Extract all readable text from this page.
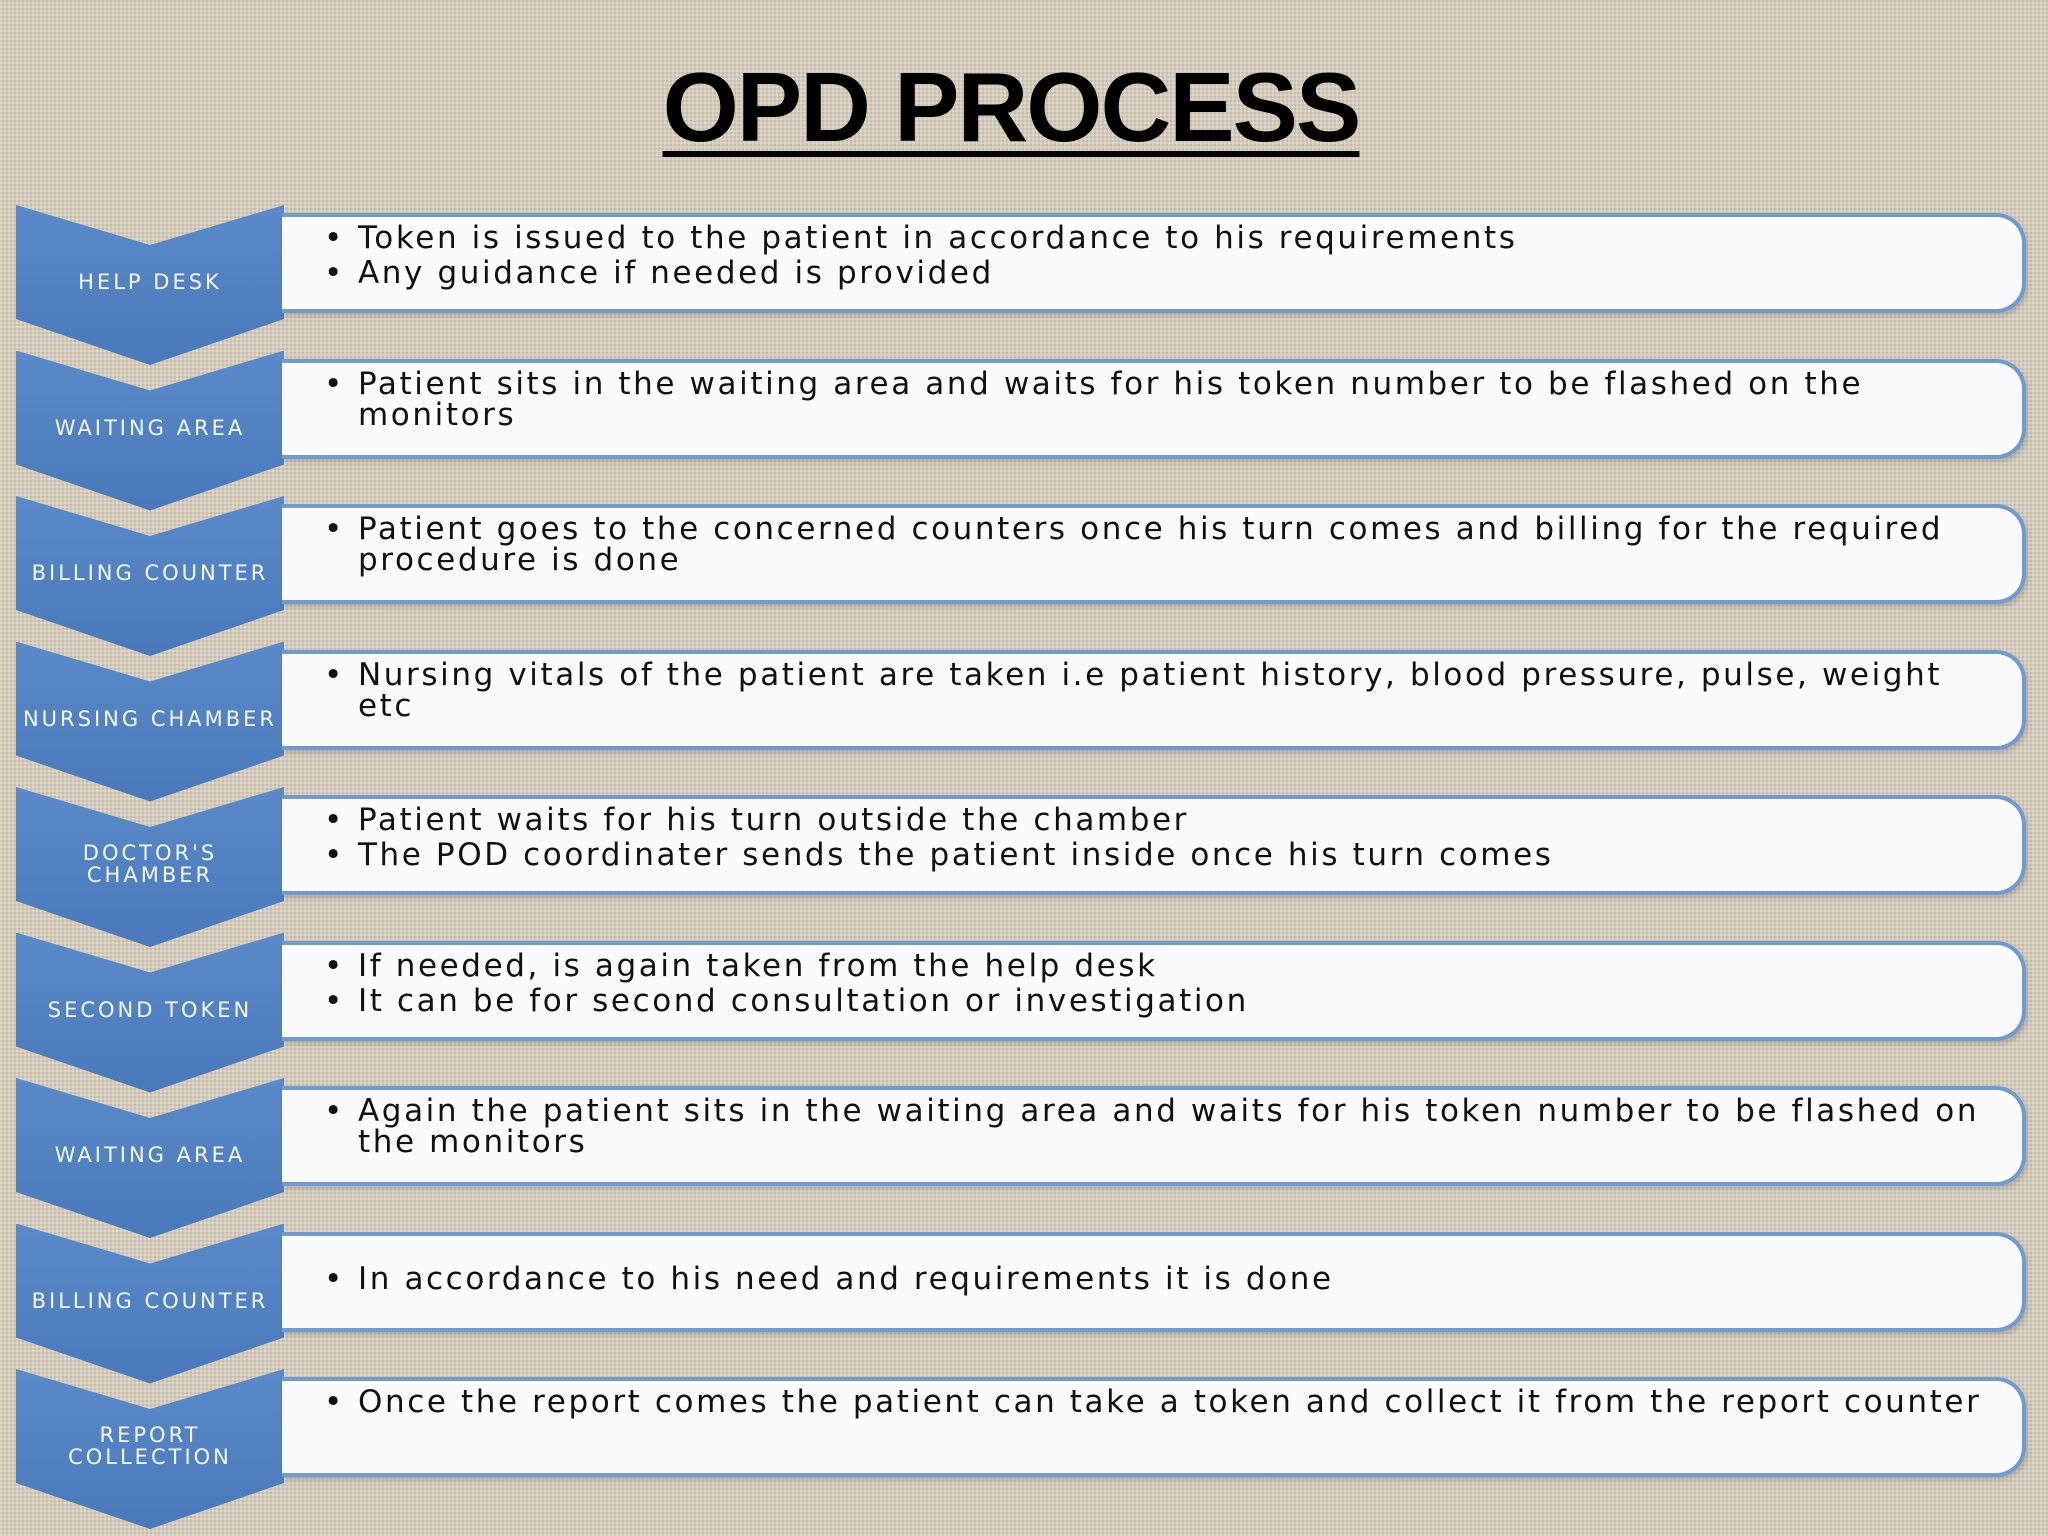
OPD PROCESS
HELP DESK
• Token is issued to the patient in accordance to his requirements
• Any guidance if needed is provided
WAITING AREA
• Patient sits in the waiting area and waits for his token number to be flashed on the monitors
BILLING COUNTER
• Patient goes to the concerned counters once his turn comes and billing for the required procedure is done
NURSING CHAMBER
• Nursing vitals of the patient are taken i.e patient history, blood pressure, pulse, weight etc
DOCTOR'S CHAMBER
• Patient waits for his turn outside the chamber
• The POD coordinater sends the patient inside once his turn comes
SECOND TOKEN
• If needed, is again taken from the help desk
• It can be for second consultation or investigation
WAITING AREA
• Again the patient sits in the waiting area and waits for his token number to be flashed on the monitors
BILLING COUNTER
• In accordance to his need and requirements it is done
REPORT COLLECTION
• Once the report comes the patient can take a token and collect it from the report counter
